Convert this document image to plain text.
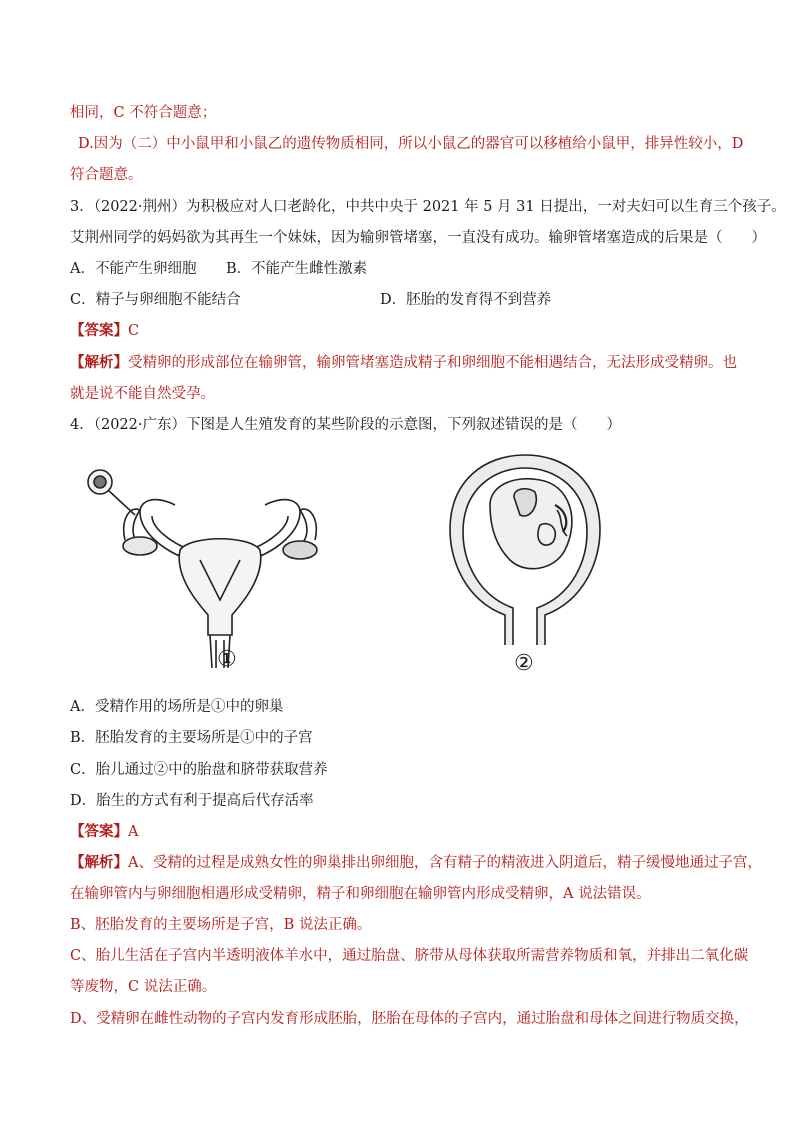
相同，C 不符合题意；
D.因为（二）中小鼠甲和小鼠乙的遗传物质相同，所以小鼠乙的器官可以移植给小鼠甲，排异性较小，D
符合题意。
3．（2022·荆州）为积极应对人口老龄化，中共中央于 2021 年 5 月 31 日提出，一对夫妇可以生育三个孩子。
艾荆州同学的妈妈欲为其再生一个妹妹，因为输卵管堵塞，一直没有成功。输卵管堵塞造成的后果是（　　）
A．不能产生卵细胞 B．不能产生雌性激素
C．精子与卵细胞不能结合	D．胚胎的发育得不到营养
【答案】C
【解析】受精卵的形成部位在输卵管，输卵管堵塞造成精子和卵细胞不能相遇结合，无法形成受精卵。也
就是说不能自然受孕。
4．（2022·广东）下图是人生殖发育的某些阶段的示意图，下列叙述错误的是（　　）
①	②
A．受精作用的场所是①中的卵巢
B．胚胎发育的主要场所是①中的子宫
C．胎儿通过②中的胎盘和脐带获取营养
D．胎生的方式有利于提高后代存活率
【答案】A
【解析】A、受精的过程是成熟女性的卵巢排出卵细胞，含有精子的精液进入阴道后，精子缓慢地通过子宫，
在输卵管内与卵细胞相遇形成受精卵，精子和卵细胞在输卵管内形成受精卵，A 说法错误。
B、胚胎发育的主要场所是子宫，B 说法正确。
C、胎儿生活在子宫内半透明液体羊水中，通过胎盘、脐带从母体获取所需营养物质和氧，并排出二氧化碳
等废物，C 说法正确。
D、受精卵在雌性动物的子宫内发育形成胚胎，胚胎在母体的子宫内，通过胎盘和母体之间进行物质交换，
